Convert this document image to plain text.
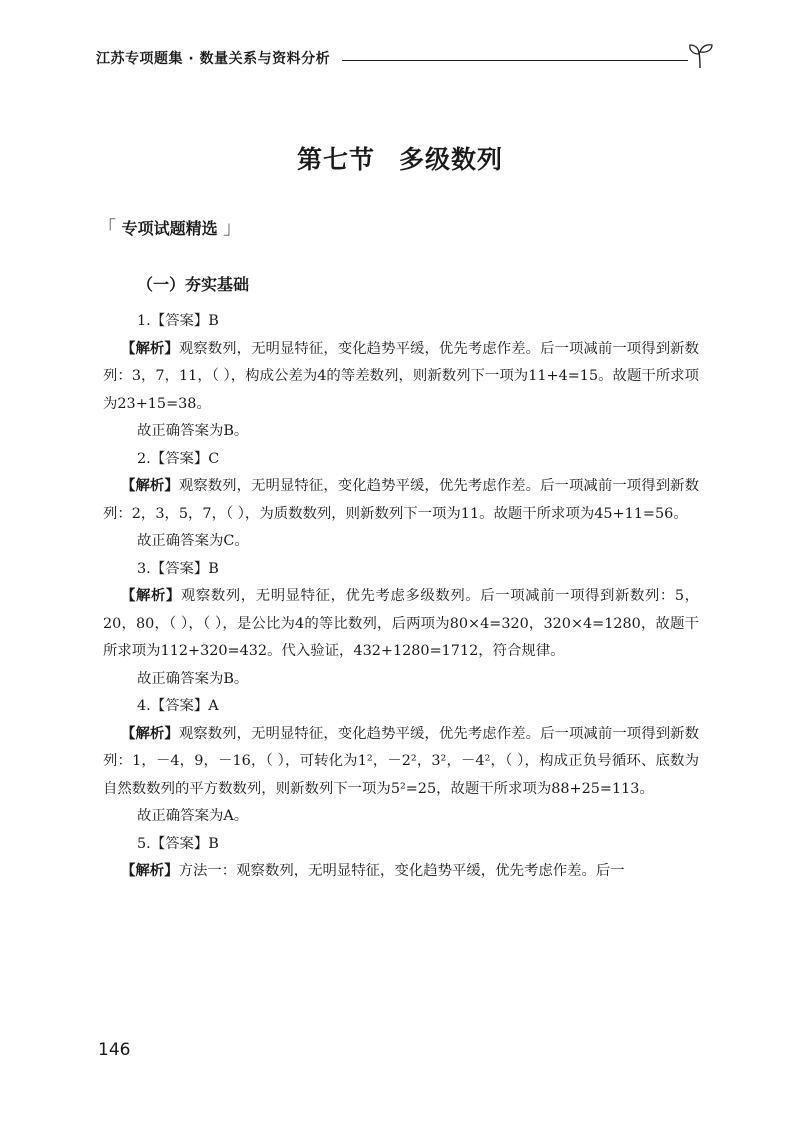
江苏专项题集 · 数量关系与资料分析
第七节 多级数列
「 专项试题精选 」
（一）夯实基础
1.【答案】B
【解析】观察数列，无明显特征，变化趋势平缓，优先考虑作差。后一项减前一项得到新数列：3，7，11，（ ），构成公差为4的等差数列，则新数列下一项为11+4=15。故题干所求项为23+15=38。
故正确答案为B。
2.【答案】C
【解析】观察数列，无明显特征，变化趋势平缓，优先考虑作差。后一项减前一项得到新数列：2，3，5，7，（ ），为质数数列，则新数列下一项为11。故题干所求项为45+11=56。
故正确答案为C。
3.【答案】B
【解析】观察数列，无明显特征，优先考虑多级数列。后一项减前一项得到新数列：5，20，80，（ ），（ ），是公比为4的等比数列，后两项为80×4=320，320×4=1280，故题干所求项为112+320=432。代入验证，432+1280=1712，符合规律。
故正确答案为B。
4.【答案】A
【解析】观察数列，无明显特征，变化趋势平缓，优先考虑作差。后一项减前一项得到新数列：1，－4，9，－16，（ ），可转化为1²，－2²，3²，－4²，（ ），构成正负号循环、底数为自然数数列的平方数数列，则新数列下一项为5²=25，故题干所求项为88+25=113。
故正确答案为A。
5.【答案】B
【解析】方法一：观察数列，无明显特征，变化趋势平缓，优先考虑作差。后一
146
